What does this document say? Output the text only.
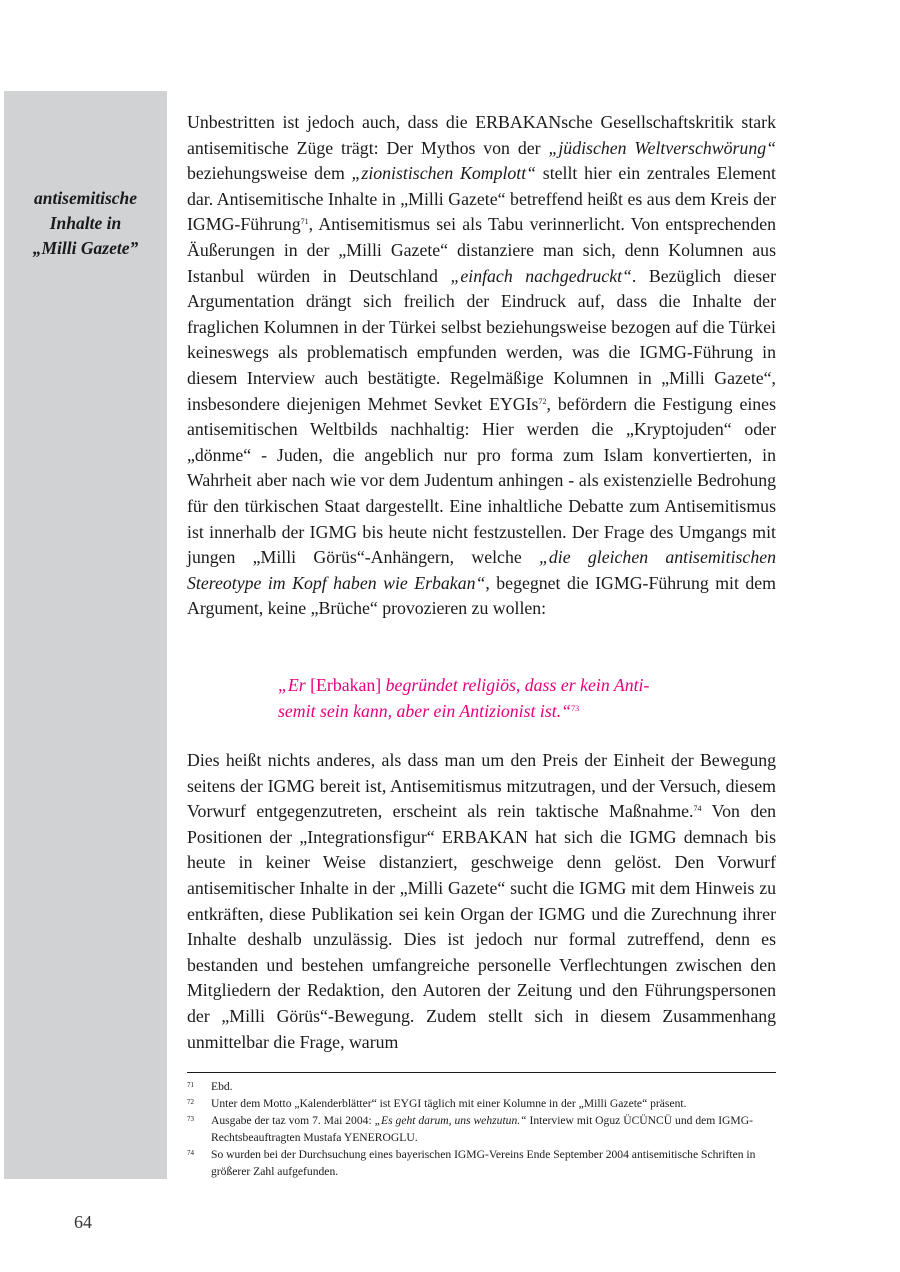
antisemitische
Inhalte in
„Milli Gazete”

Unbestritten ist jedoch auch, dass die ERBAKANsche Gesellschaftskritik stark antisemitische Züge trägt: Der Mythos von der „jüdischen Weltverschwörung“ beziehungsweise dem „zionistischen Komplott“ stellt hier ein zentrales Element dar. Antisemitische Inhalte in „Milli Gazete“ betreffend heißt es aus dem Kreis der IGMG-Führung$^{71}$, Antisemitismus sei als Tabu verinnerlicht. Von entsprechenden Äußerungen in der „Milli Gazete“ distanziere man sich, denn Kolumnen aus Istanbul würden in Deutschland „einfach nachgedruckt“. Bezüglich dieser Argumentation drängt sich freilich der Eindruck auf, dass die Inhalte der fraglichen Kolumnen in der Türkei selbst beziehungsweise bezogen auf die Türkei keineswegs als problematisch empfunden werden, was die IGMG-Führung in diesem Interview auch bestätigte. Regelmäßige Kolumnen in „Milli Gazete“, insbesondere diejenigen Mehmet Sevket EYGIs$^{72}$, befördern die Festigung eines antisemitischen Weltbilds nachhaltig: Hier werden die „Kryptojuden“ oder „dönme“ - Juden, die angeblich nur pro forma zum Islam konvertierten, in Wahrheit aber nach wie vor dem Judentum anhingen - als existenzielle Bedrohung für den türkischen Staat dargestellt. Eine inhaltliche Debatte zum Antisemitismus ist innerhalb der IGMG bis heute nicht festzustellen. Der Frage des Umgangs mit jungen „Milli Görüs“-Anhängern, welche „die gleichen antisemitischen Stereotype im Kopf haben wie Erbakan“, begegnet die IGMG-Führung mit dem Argument, keine „Brüche“ provozieren zu wollen:

„Er [Erbakan] begründet religiös, dass er kein Anti-
semit sein kann, aber ein Antizionist ist.“$^{73}$

Dies heißt nichts anderes, als dass man um den Preis der Einheit der Bewegung seitens der IGMG bereit ist, Antisemitismus mitzutragen, und der Versuch, diesem Vorwurf entgegenzutreten, erscheint als rein taktische Maßnahme.$^{74}$ Von den Positionen der „Integrationsfigur“ ERBAKAN hat sich die IGMG demnach bis heute in keiner Weise distanziert, geschweige denn gelöst. Den Vorwurf antisemitischer Inhalte in der „Milli Gazete“ sucht die IGMG mit dem Hinweis zu entkräften, diese Publikation sei kein Organ der IGMG und die Zurechnung ihrer Inhalte deshalb unzulässig. Dies ist jedoch nur formal zutreffend, denn es bestanden und bestehen umfangreiche personelle Verflechtungen zwischen den Mitgliedern der Redaktion, den Autoren der Zeitung und den Führungspersonen der „Milli Görüs“-Bewegung. Zudem stellt sich in diesem Zusammenhang unmittelbar die Frage, warum

71 Ebd.
72 Unter dem Motto „Kalenderblätter“ ist EYGI täglich mit einer Kolumne in der „Milli Gazete“ präsent.
73 Ausgabe der taz vom 7. Mai 2004: „Es geht darum, uns wehzutun.“ Interview mit Oguz ÜCÜNCÜ und dem IGMG-Rechtsbeauftragten Mustafa YENEROGLU.
74 So wurden bei der Durchsuchung eines bayerischen IGMG-Vereins Ende September 2004 antisemitische Schriften in größerer Zahl aufgefunden.
64
